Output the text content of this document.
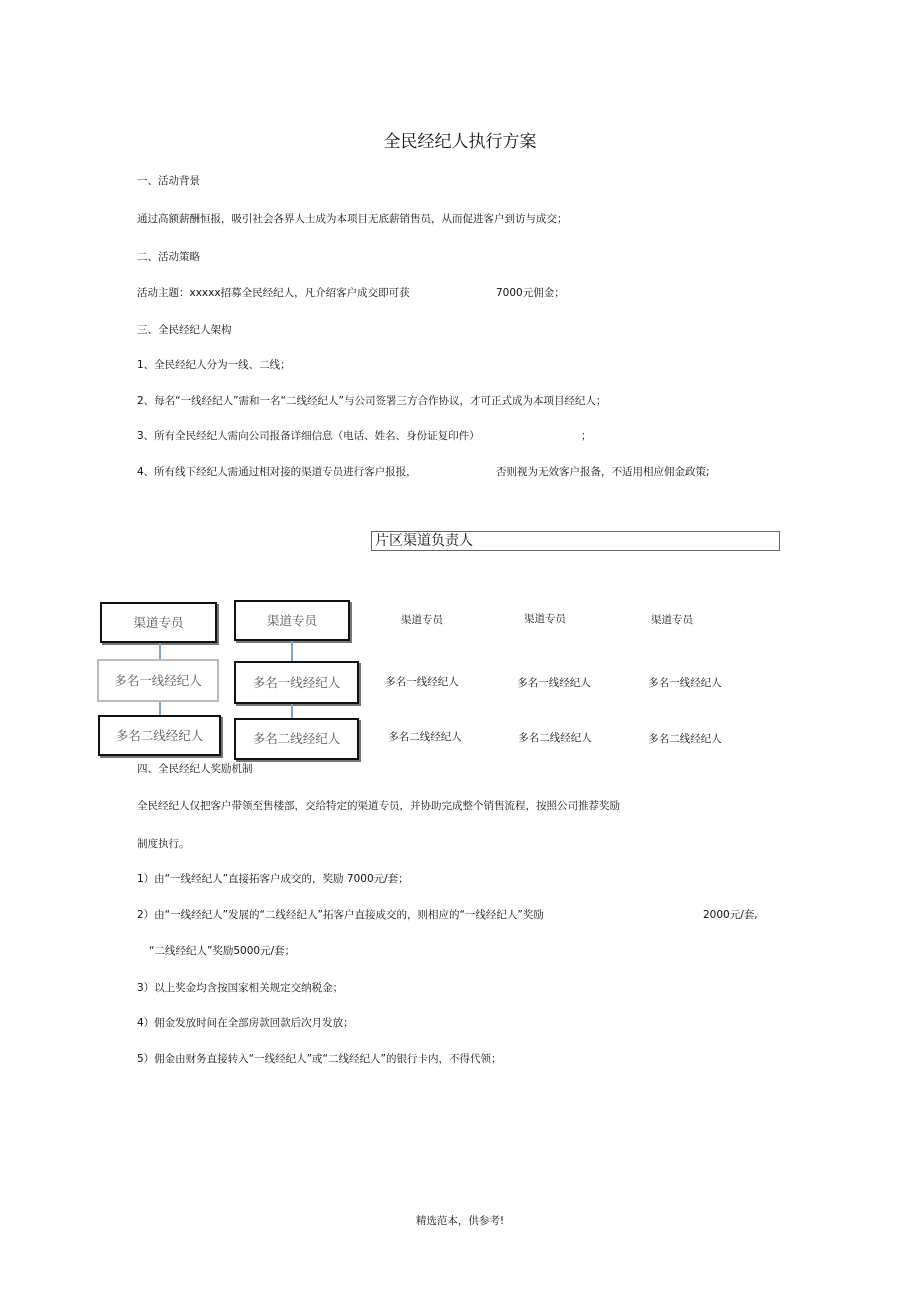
全民经纪人执行方案
一、活动背景
通过高额薪酬恒报，吸引社会各界人士成为本项目无底薪销售员，从而促进客户到访与成交；
二、活动策略
活动主题：xxxxx招募全民经纪人，凡介绍客户成交即可获	7000元佣金；
三、全民经纪人架构
1、全民经纪人分为一线、二线；
2、每名“一线经纪人”需和一名“二线经纪人”与公司签署三方合作协议，才可正式成为本项目经纪人；
3、所有全民经纪人需向公司报备详细信息（电话、姓名、身份证复印件）	；
4、所有线下经纪人需通过相对接的渠道专员进行客户报报，	否则视为无效客户报备，不适用相应佣金政策;
片区渠道负责人
渠道专员	渠道专员
多名一线经纪人	多名一线经纪人
多名二线经纪人	多名二线经纪人
渠道专员	渠道专员	渠道专员
多名一线经纪人	多名一线经纪人	多名一线经纪人
多名二线经纪人	多名二线经纪人	多名二线经纪人
四、全民经纪人奖励机制
全民经纪人仅把客户带领至售楼部，交给特定的渠道专员，并协助完成整个销售流程，按照公司推荐奖励
制度执行。
1）由“一线经纪人”直接拓客户成交的，奖励 7000元/套；
2）由“一线经纪人”发展的“二线经纪人”拓客户直接成交的，则相应的“一线经纪人”奖励	2000元/套,
“二线经纪人”奖励5000元/套；
3）以上奖金均含按国家相关规定交纳税金；
4）佣金发放时间在全部房款回款后次月发放；
5）佣金由财务直接转入“一线经纪人”或“二线经纪人”的银行卡内，不得代领；
精选范本，供参考!
